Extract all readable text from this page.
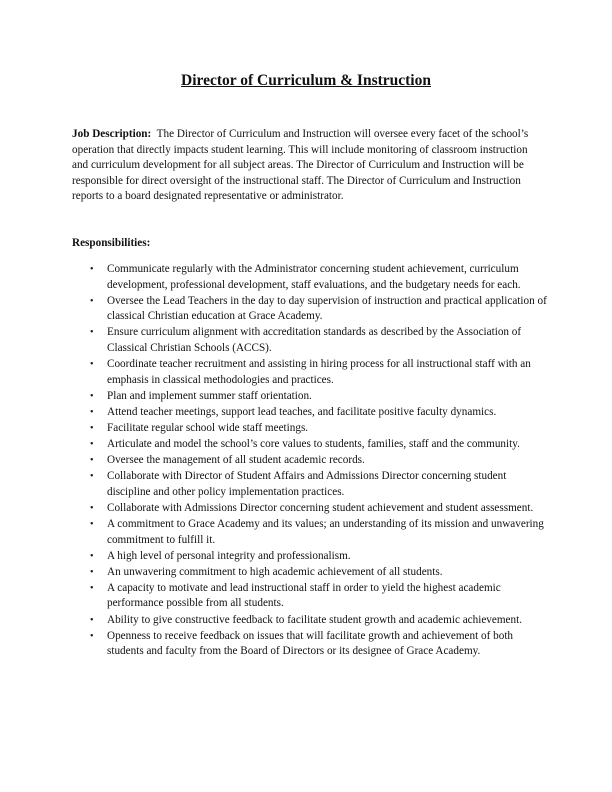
Director of Curriculum & Instruction
Job Description: The Director of Curriculum and Instruction will oversee every facet of the school’s operation that directly impacts student learning. This will include monitoring of classroom instruction and curriculum development for all subject areas. The Director of Curriculum and Instruction will be responsible for direct oversight of the instructional staff. The Director of Curriculum and Instruction reports to a board designated representative or administrator.
Responsibilities:
• Communicate regularly with the Administrator concerning student achievement, curriculum development, professional development, staff evaluations, and the budgetary needs for each.
• Oversee the Lead Teachers in the day to day supervision of instruction and practical application of classical Christian education at Grace Academy.
• Ensure curriculum alignment with accreditation standards as described by the Association of Classical Christian Schools (ACCS).
• Coordinate teacher recruitment and assisting in hiring process for all instructional staff with an emphasis in classical methodologies and practices.
• Plan and implement summer staff orientation.
• Attend teacher meetings, support lead teaches, and facilitate positive faculty dynamics.
• Facilitate regular school wide staff meetings.
• Articulate and model the school’s core values to students, families, staff and the community.
• Oversee the management of all student academic records.
• Collaborate with Director of Student Affairs and Admissions Director concerning student discipline and other policy implementation practices.
• Collaborate with Admissions Director concerning student achievement and student assessment.
• A commitment to Grace Academy and its values; an understanding of its mission and unwavering commitment to fulfill it.
• A high level of personal integrity and professionalism.
• An unwavering commitment to high academic achievement of all students.
• A capacity to motivate and lead instructional staff in order to yield the highest academic performance possible from all students.
• Ability to give constructive feedback to facilitate student growth and academic achievement.
• Openness to receive feedback on issues that will facilitate growth and achievement of both students and faculty from the Board of Directors or its designee of Grace Academy.
